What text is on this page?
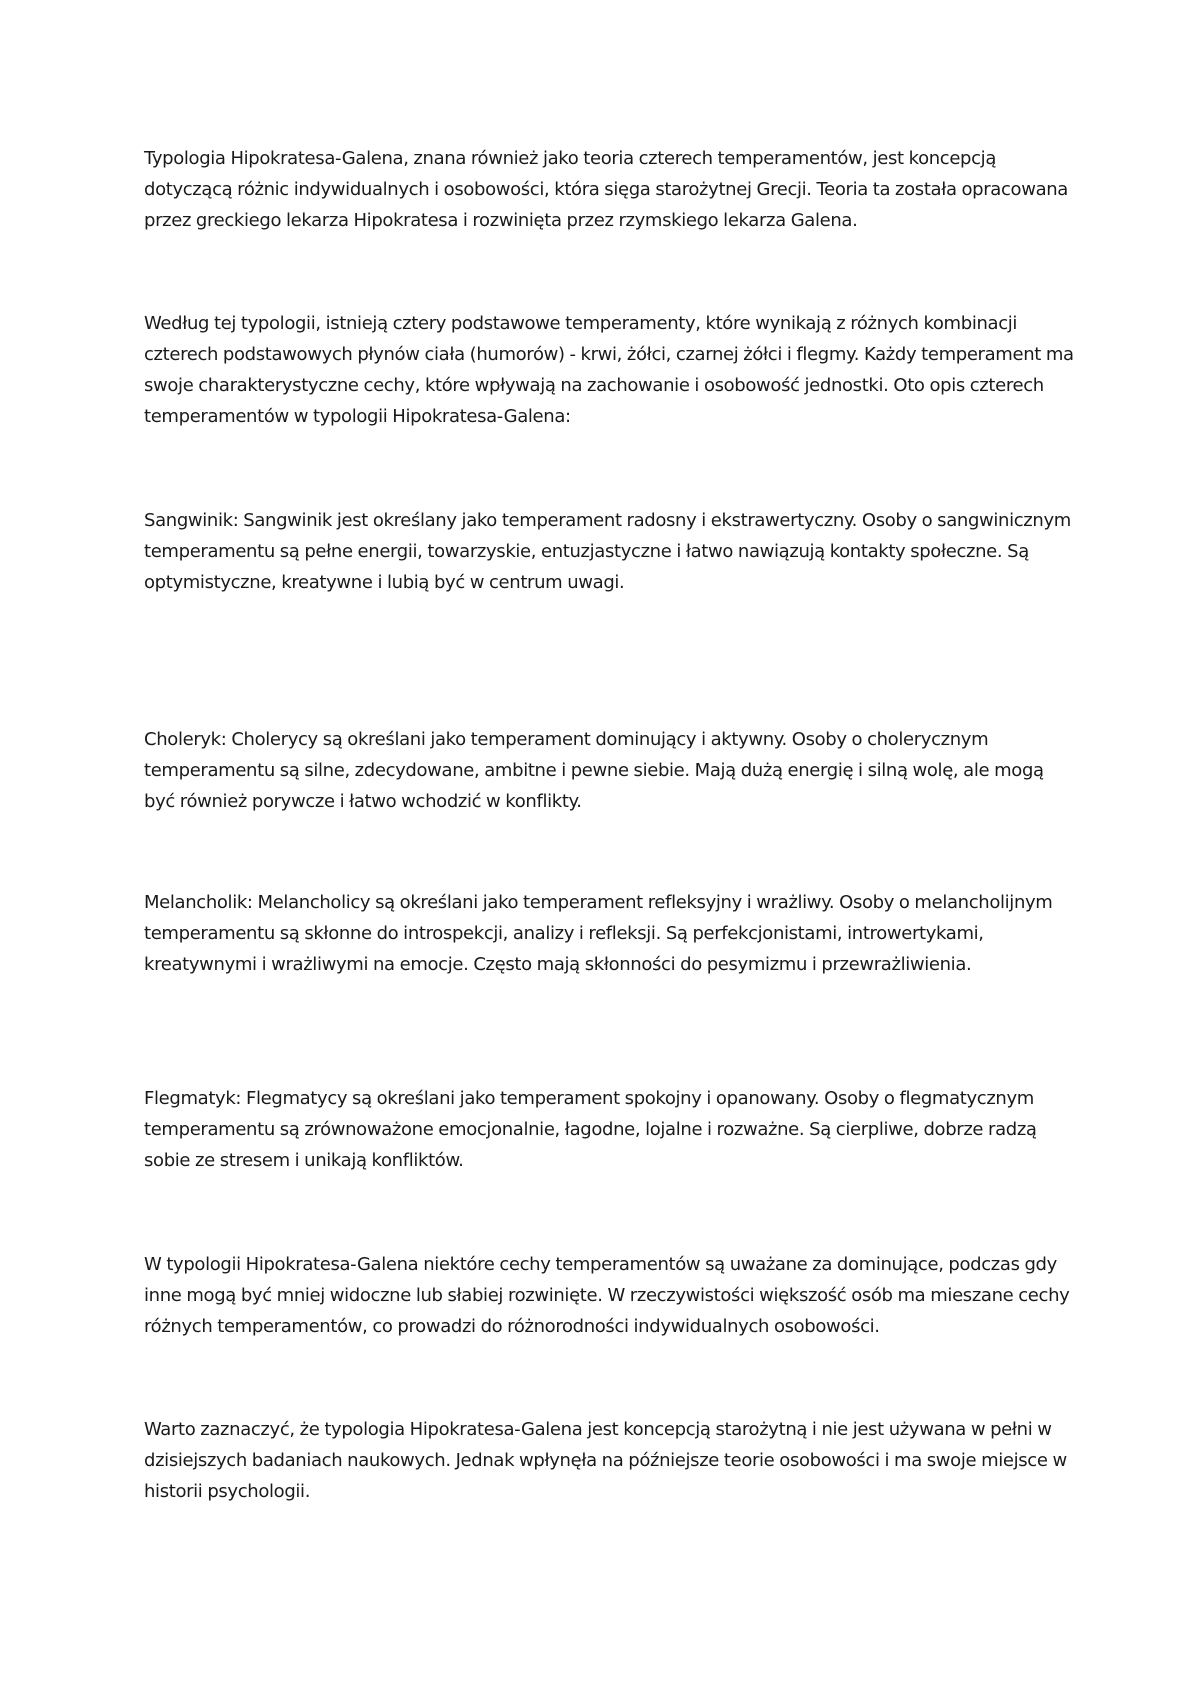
Typologia Hipokratesa-Galena, znana również jako teoria czterech temperamentów, jest koncepcją dotyczącą różnic indywidualnych i osobowości, która sięga starożytnej Grecji. Teoria ta została opracowana przez greckiego lekarza Hipokratesa i rozwinięta przez rzymskiego lekarza Galena.

Według tej typologii, istnieją cztery podstawowe temperamenty, które wynikają z różnych kombinacji czterech podstawowych płynów ciała (humorów) - krwi, żółci, czarnej żółci i flegmy. Każdy temperament ma swoje charakterystyczne cechy, które wpływają na zachowanie i osobowość jednostki. Oto opis czterech temperamentów w typologii Hipokratesa-Galena:

Sangwinik: Sangwinik jest określany jako temperament radosny i ekstrawertyczny. Osoby o sangwinicznym temperamentu są pełne energii, towarzyskie, entuzjastyczne i łatwo nawiązują kontakty społeczne. Są optymistyczne, kreatywne i lubią być w centrum uwagi.

Choleryk: Cholerycy są określani jako temperament dominujący i aktywny. Osoby o cholerycznym temperamentu są silne, zdecydowane, ambitne i pewne siebie. Mają dużą energię i silną wolę, ale mogą być również porywcze i łatwo wchodzić w konflikty.

Melancholik: Melancholicy są określani jako temperament refleksyjny i wrażliwy. Osoby o melancholijnym temperamentu są skłonne do introspekcji, analizy i refleksji. Są perfekcjonistami, introwertykami, kreatywnymi i wrażliwymi na emocje. Często mają skłonności do pesymizmu i przewrażliwienia.

Flegmatyk: Flegmatycy są określani jako temperament spokojny i opanowany. Osoby o flegmatycznym temperamentu są zrównoważone emocjonalnie, łagodne, lojalne i rozważne. Są cierpliwe, dobrze radzą sobie ze stresem i unikają konfliktów.

W typologii Hipokratesa-Galena niektóre cechy temperamentów są uważane za dominujące, podczas gdy inne mogą być mniej widoczne lub słabiej rozwinięte. W rzeczywistości większość osób ma mieszane cechy różnych temperamentów, co prowadzi do różnorodności indywidualnych osobowości.

Warto zaznaczyć, że typologia Hipokratesa-Galena jest koncepcją starożytną i nie jest używana w pełni w dzisiejszych badaniach naukowych. Jednak wpłynęła na późniejsze teorie osobowości i ma swoje miejsce w historii psychologii.
